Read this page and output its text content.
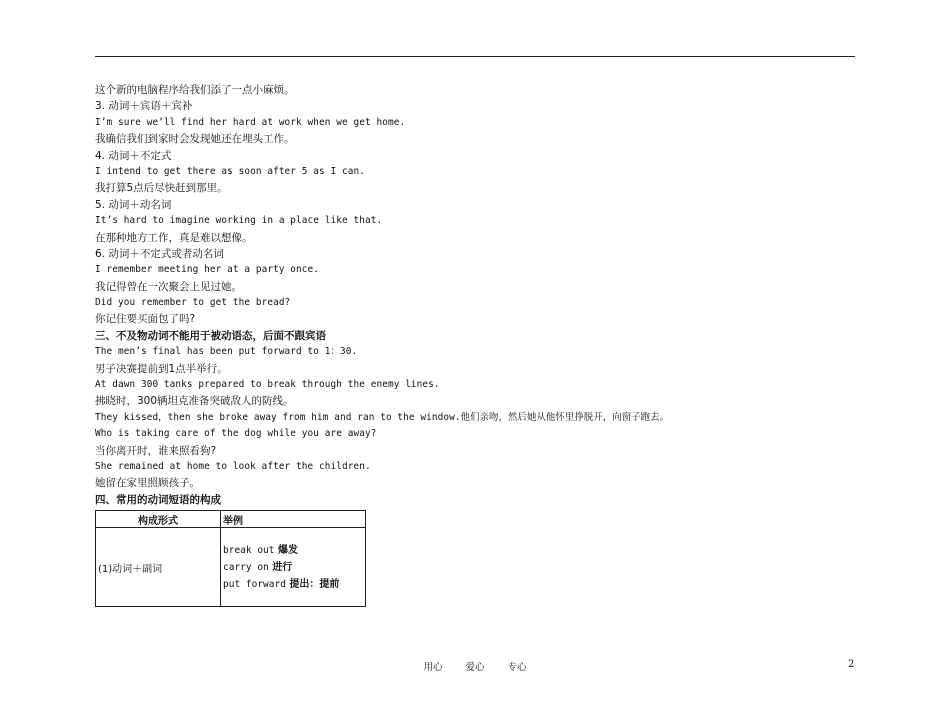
这个新的电脑程序给我们添了一点小麻烦。
3. 动词＋宾语＋宾补
I’m sure we’ll find her hard at work when we get home.
我确信我们到家时会发现她还在埋头工作。
4. 动词＋不定式
I intend to get there as soon after 5 as I can.
我打算5点后尽快赶到那里。
5. 动词＋动名词
It’s hard to imagine working in a place like that.
在那种地方工作，真是难以想像。
6. 动词＋不定式或者动名词
I remember meeting her at a party once.
我记得曾在一次聚会上见过她。
Did you remember to get the bread?
你记住要买面包了吗?
三、不及物动词不能用于被动语态，后面不跟宾语
The men’s final has been put forward to 1：30.
男子决赛提前到1点半举行。
At dawn 300 tanks prepared to break through the enemy lines.
拂晓时，300辆坦克准备突破敌人的防线。
They kissed，then she broke away from him and ran to the window.他们亲吻，然后她从他怀里挣脱开，向窗子跑去。
Who is taking care of the dog while you are away?
当你离开时，谁来照看狗?
She remained at home to look after the children.
她留在家里照顾孩子。
四、常用的动词短语的构成
构成形式	举例
(1)动词＋副词	break out 爆发
carry on 进行
put forward 提出：提前
用心 爱心 专心	2
